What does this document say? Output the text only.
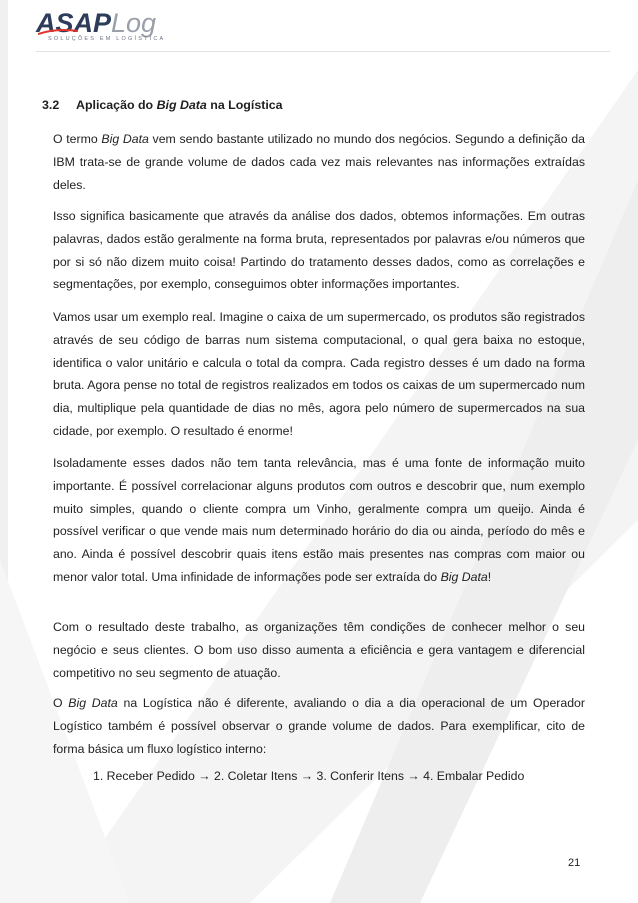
ASAPLog
SOLUÇÕES EM LOGÍSTICA
3.2 Aplicação do Big Data na Logística
O termo Big Data vem sendo bastante utilizado no mundo dos negócios. Segundo a definição da IBM trata-se de grande volume de dados cada vez mais relevantes nas informações extraídas deles.
Isso significa basicamente que através da análise dos dados, obtemos informações. Em outras palavras, dados estão geralmente na forma bruta, representados por palavras e/ou números que por si só não dizem muito coisa! Partindo do tratamento desses dados, como as correlações e segmentações, por exemplo, conseguimos obter informações importantes.
Vamos usar um exemplo real. Imagine o caixa de um supermercado, os produtos são registrados através de seu código de barras num sistema computacional, o qual gera baixa no estoque, identifica o valor unitário e calcula o total da compra. Cada registro desses é um dado na forma bruta. Agora pense no total de registros realizados em todos os caixas de um supermercado num dia, multiplique pela quantidade de dias no mês, agora pelo número de supermercados na sua cidade, por exemplo. O resultado é enorme!
Isoladamente esses dados não tem tanta relevância, mas é uma fonte de informação muito importante. É possível correlacionar alguns produtos com outros e descobrir que, num exemplo muito simples, quando o cliente compra um Vinho, geralmente compra um queijo. Ainda é possível verificar o que vende mais num determinado horário do dia ou ainda, período do mês e ano. Ainda é possível descobrir quais itens estão mais presentes nas compras com maior ou menor valor total. Uma infinidade de informações pode ser extraída do Big Data!
Com o resultado deste trabalho, as organizações têm condições de conhecer melhor o seu negócio e seus clientes. O bom uso disso aumenta a eficiência e gera vantagem e diferencial competitivo no seu segmento de atuação.
O Big Data na Logística não é diferente, avaliando o dia a dia operacional de um Operador Logístico também é possível observar o grande volume de dados. Para exemplificar, cito de forma básica um fluxo logístico interno:
1. Receber Pedido → 2. Coletar Itens → 3. Conferir Itens → 4. Embalar Pedido
21
